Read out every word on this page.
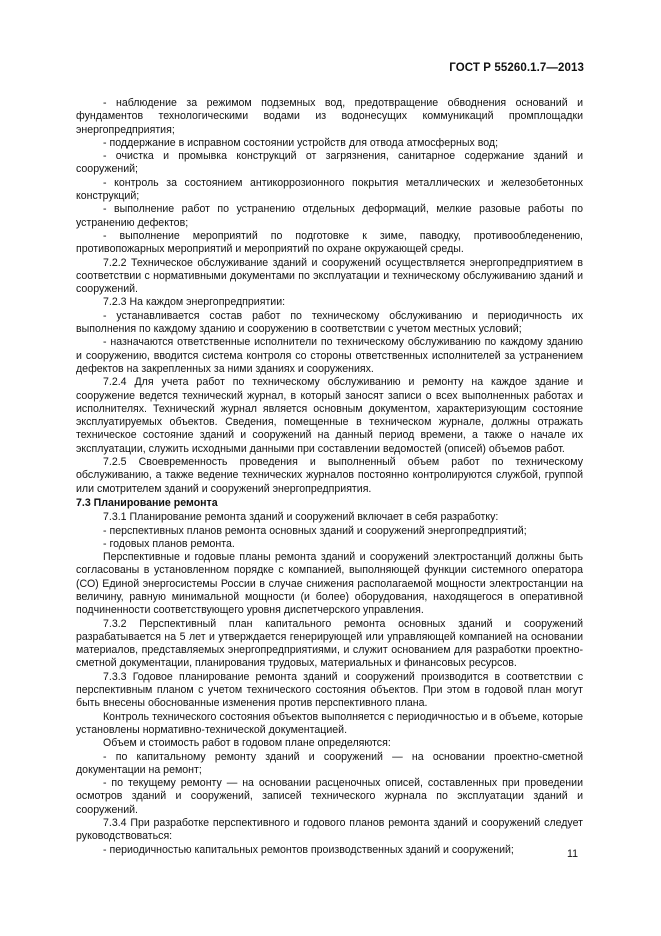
ГОСТ Р 55260.1.7—2013

- наблюдение за режимом подземных вод, предотвращение обводнения оснований и фундаментов технологическими водами из водонесущих коммуникаций промплощадки энергопредприятия;

- поддержание в исправном состоянии устройств для отвода атмосферных вод;

- очистка и промывка конструкций от загрязнения, санитарное содержание зданий и сооружений;

- контроль за состоянием антикоррозионного покрытия металлических и железобетонных конструкций;

- выполнение работ по устранению отдельных деформаций, мелкие разовые работы по устранению дефектов;

- выполнение мероприятий по подготовке к зиме, паводку, противообледенению, противопожарных мероприятий и мероприятий по охране окружающей среды.

7.2.2 Техническое обслуживание зданий и сооружений осуществляется энергопредприятием в соответствии с нормативными документами по эксплуатации и техническому обслуживанию зданий и сооружений.

7.2.3 На каждом энергопредприятии:

- устанавливается состав работ по техническому обслуживанию и периодичность их выполнения по каждому зданию и сооружению в соответствии с учетом местных условий;

- назначаются ответственные исполнители по техническому обслуживанию по каждому зданию и сооружению, вводится система контроля со стороны ответственных исполнителей за устранением дефектов на закрепленных за ними зданиях и сооружениях.

7.2.4 Для учета работ по техническому обслуживанию и ремонту на каждое здание и сооружение ведется технический журнал, в который заносят записи о всех выполненных работах и исполнителях. Технический журнал является основным документом, характеризующим состояние эксплуатируемых объектов. Сведения, помещенные в техническом журнале, должны отражать техническое состояние зданий и сооружений на данный период времени, а также о начале их эксплуатации, служить исходными данными при составлении ведомостей (описей) объемов работ.

7.2.5 Своевременность проведения и выполненный объем работ по техническому обслуживанию, а также ведение технических журналов постоянно контролируются службой, группой или смотрителем зданий и сооружений энергопредприятия.

7.3 Планирование ремонта

7.3.1 Планирование ремонта зданий и сооружений включает в себя разработку:

- перспективных планов ремонта основных зданий и сооружений энергопредприятий;

- годовых планов ремонта.

Перспективные и годовые планы ремонта зданий и сооружений электростанций должны быть согласованы в установленном порядке с компанией, выполняющей функции системного оператора (СО) Единой энергосистемы России в случае снижения располагаемой мощности электростанции на величину, равную минимальной мощности (и более) оборудования, находящегося в оперативной подчиненности соответствующего уровня диспетчерского управления.

7.3.2 Перспективный план капитального ремонта основных зданий и сооружений разрабатывается на 5 лет и утверждается генерирующей или управляющей компанией на основании материалов, представляемых энергопредприятиями, и служит основанием для разработки проектно-сметной документации, планирования трудовых, материальных и финансовых ресурсов.

7.3.3 Годовое планирование ремонта зданий и сооружений производится в соответствии с перспективным планом с учетом технического состояния объектов. При этом в годовой план могут быть внесены обоснованные изменения против перспективного плана.

Контроль технического состояния объектов выполняется с периодичностью и в объеме, которые установлены нормативно-технической документацией.

Объем и стоимость работ в годовом плане определяются:

- по капитальному ремонту зданий и сооружений — на основании проектно-сметной документации на ремонт;

- по текущему ремонту — на основании расценочных описей, составленных при проведении осмотров зданий и сооружений, записей технического журнала по эксплуатации зданий и сооружений.

7.3.4 При разработке перспективного и годового планов ремонта зданий и сооружений следует руководствоваться:

- периодичностью капитальных ремонтов производственных зданий и сооружений;	11
